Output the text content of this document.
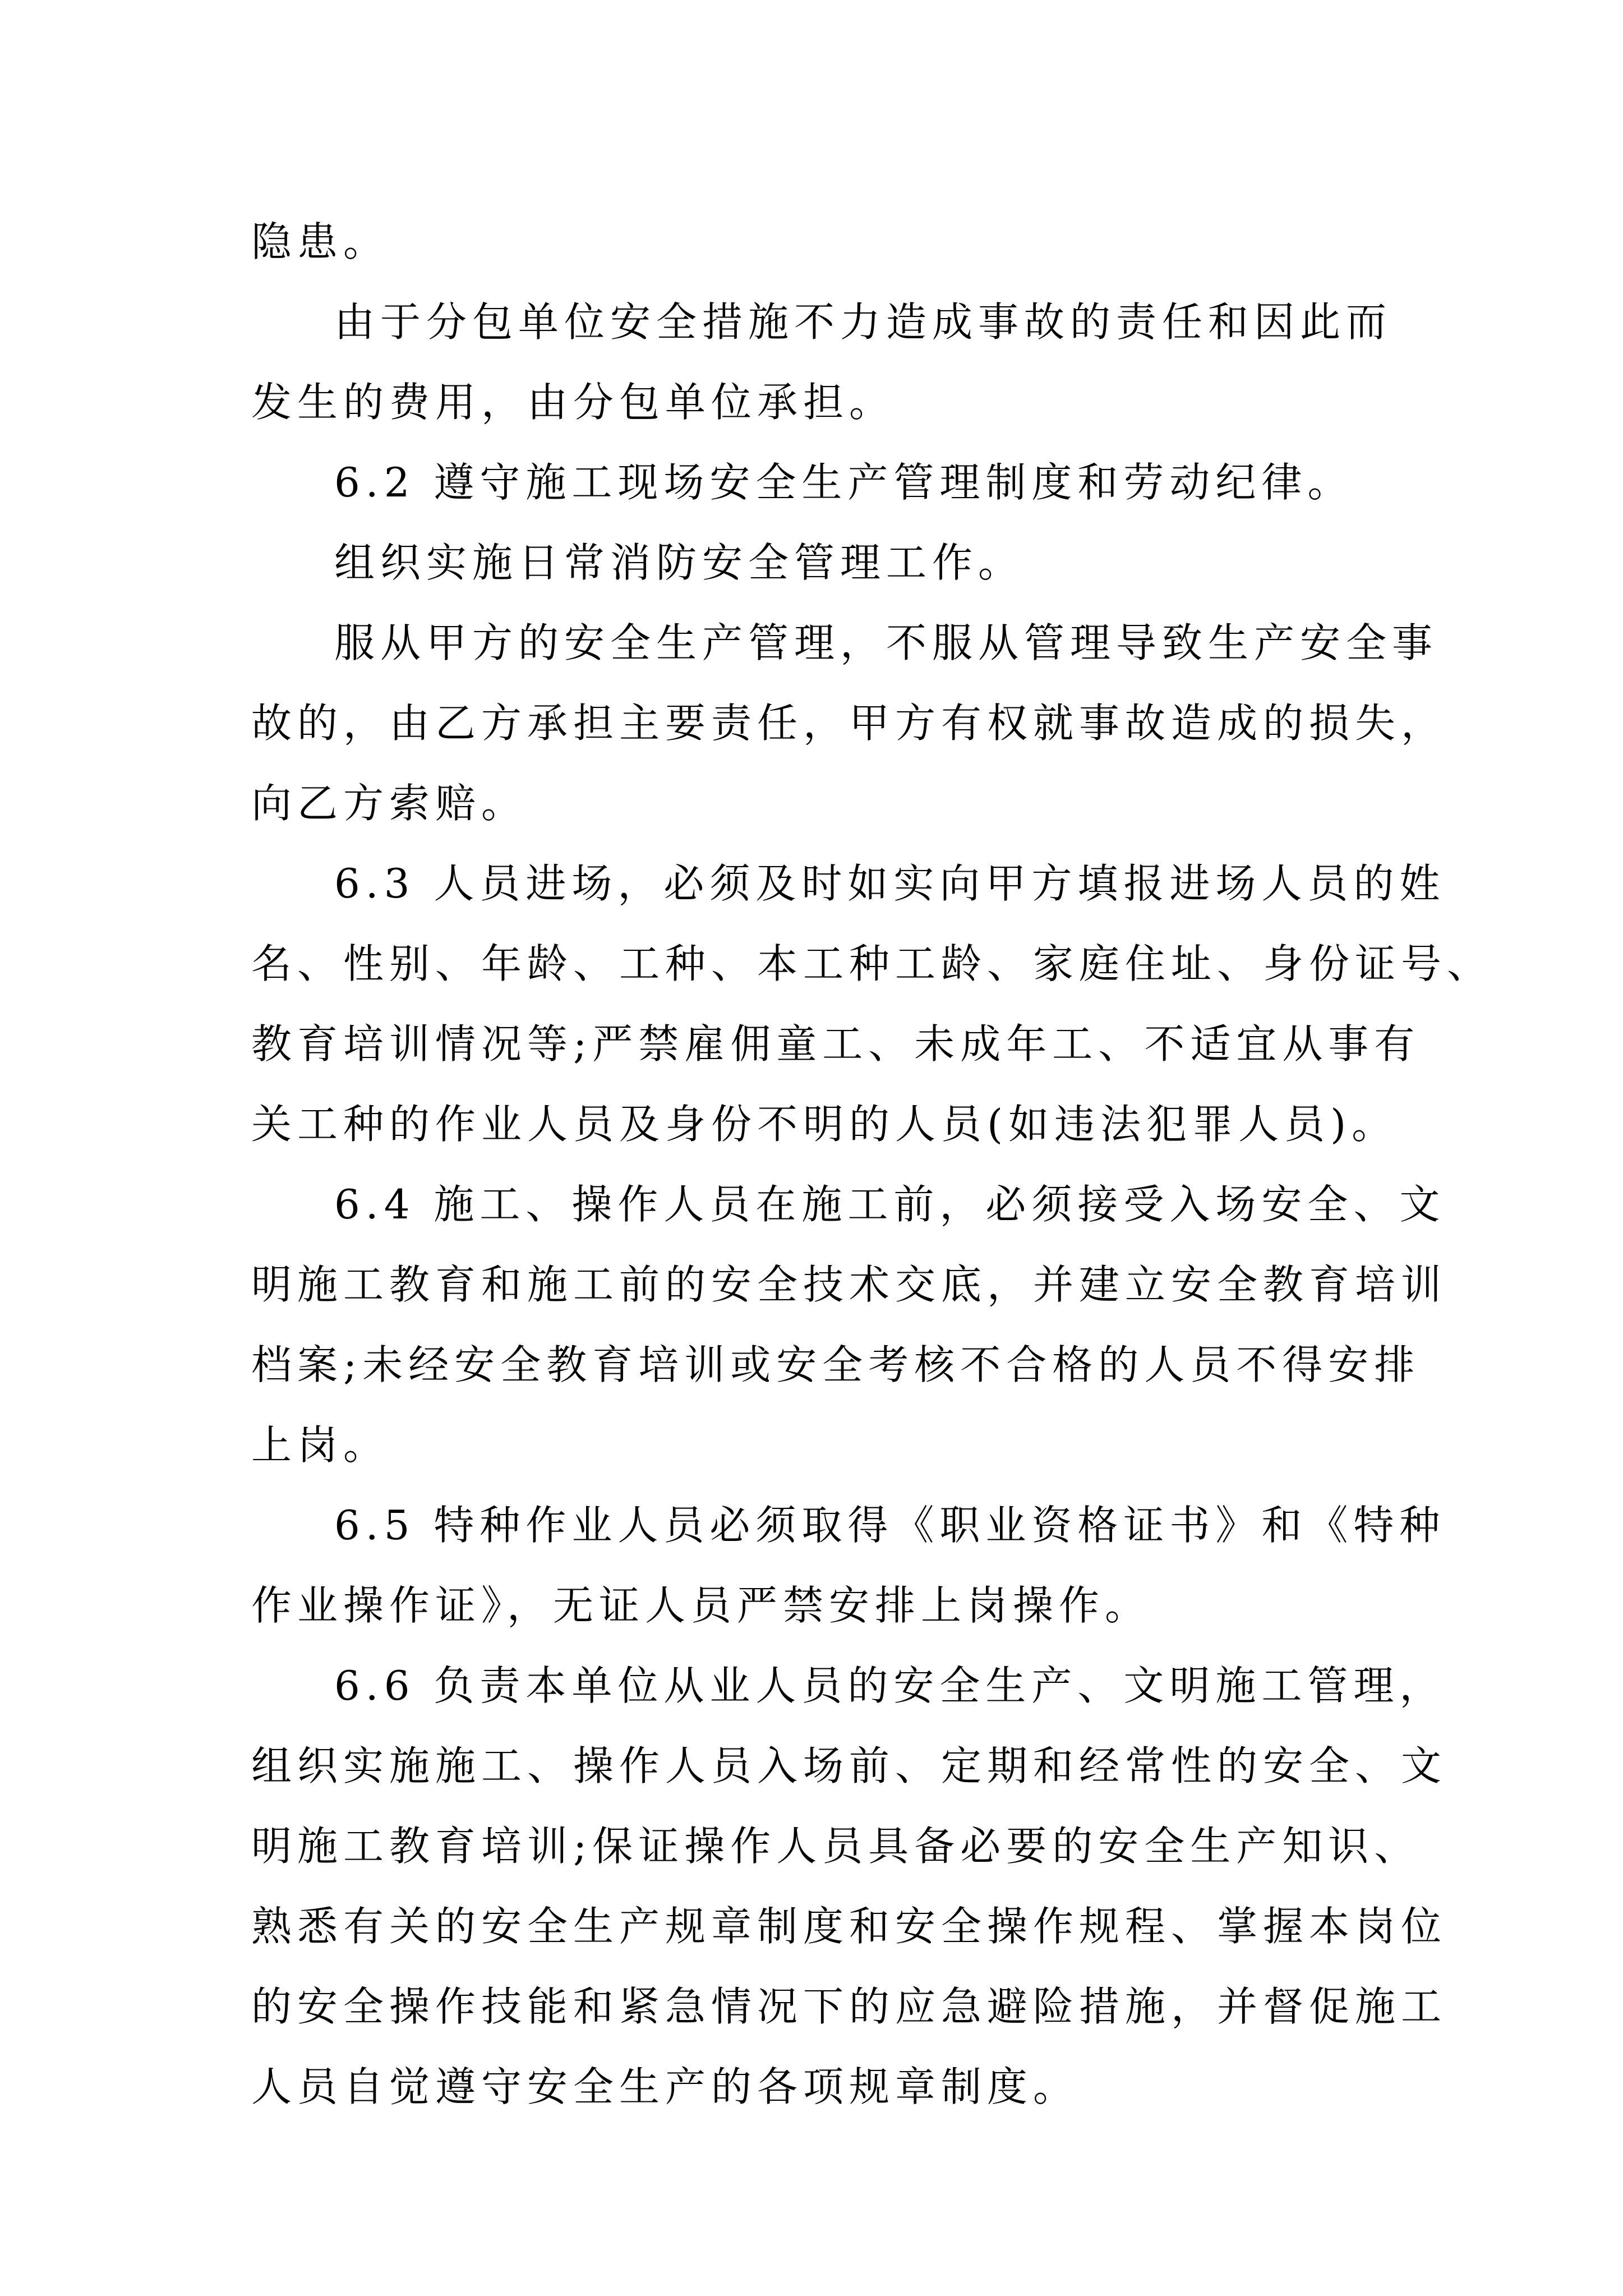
隐患。
由于分包单位安全措施不力造成事故的责任和因此而
发生的费用，由分包单位承担。
6.2 遵守施工现场安全生产管理制度和劳动纪律。
组织实施日常消防安全管理工作。
服从甲方的安全生产管理，不服从管理导致生产安全事
故的，由乙方承担主要责任，甲方有权就事故造成的损失，
向乙方索赔。
6.3 人员进场，必须及时如实向甲方填报进场人员的姓
名、性别、年龄、工种、本工种工龄、家庭住址、身份证号、
教育培训情况等;严禁雇佣童工、未成年工、不适宜从事有
关工种的作业人员及身份不明的人员(如违法犯罪人员)。
6.4 施工、操作人员在施工前，必须接受入场安全、文
明施工教育和施工前的安全技术交底，并建立安全教育培训
档案;未经安全教育培训或安全考核不合格的人员不得安排
上岗。
6.5 特种作业人员必须取得《职业资格证书》和《特种
作业操作证》，无证人员严禁安排上岗操作。
6.6 负责本单位从业人员的安全生产、文明施工管理，
组织实施施工、操作人员入场前、定期和经常性的安全、文
明施工教育培训;保证操作人员具备必要的安全生产知识、
熟悉有关的安全生产规章制度和安全操作规程、掌握本岗位
的安全操作技能和紧急情况下的应急避险措施，并督促施工
人员自觉遵守安全生产的各项规章制度。
